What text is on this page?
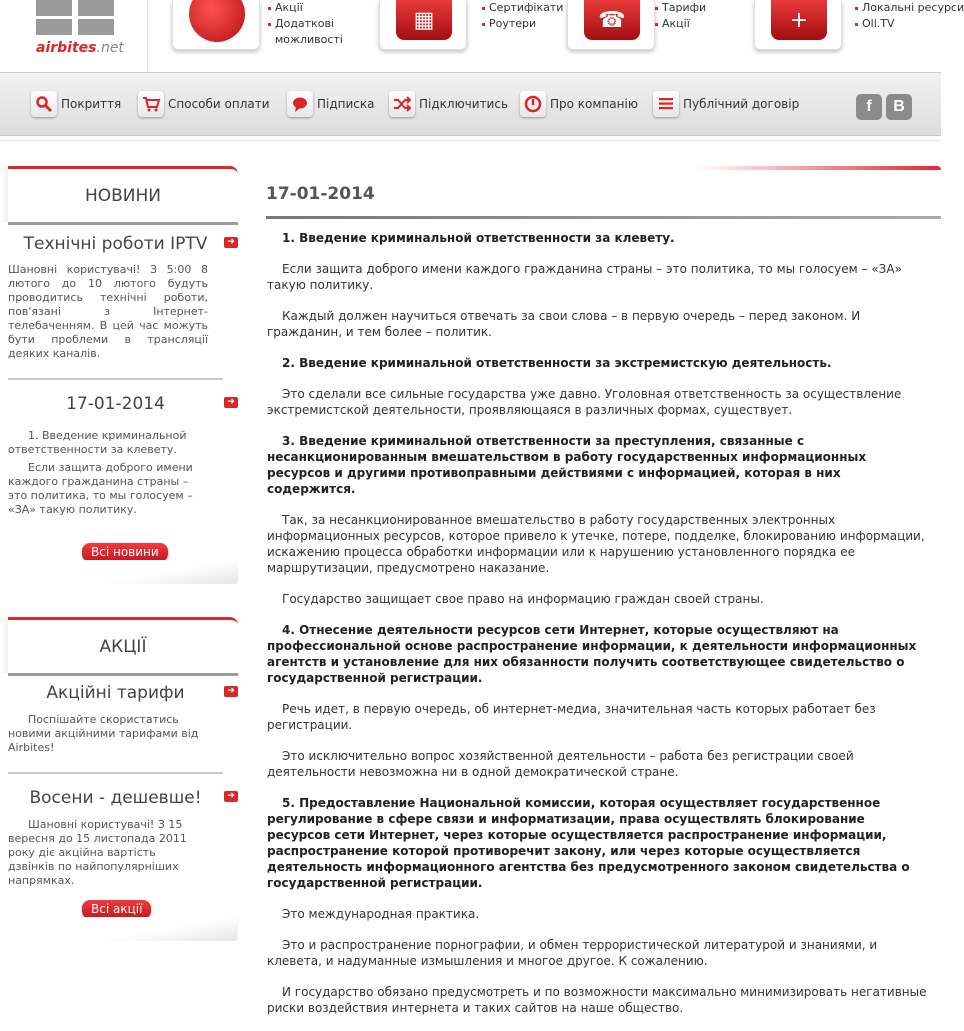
airbites.net
Акції
Додаткові
можливості
▦
Сертифікати
Роутери	☎
Тарифи
Акції	+
Локальні ресурси
Oll.TV
Покриття	Способи оплати	Підписка	Підключитись	Про компанію	Публічний договір	f	B
НОВИНИ
Технічні роботи IPTV	➜
Шановні користувачі! З 5:00 8 лютого до 10 лютого будуть проводитись технічні роботи, пов'язані з Інтернет-телебаченням. В цей час можуть бути проблеми в трансляції деяких каналів.
17-01-2014	➜
1. Введение криминальной ответственности за клевету.
Если защита доброго имени каждого гражданина страны – это политика, то мы голосуем – «ЗА» такую политику.
Всі новини
АКЦІЇ
Акційні тарифи	➜
Поспішайте скористатись новими акційними тарифами від Airbites!
Восени - дешевше!	➜
Шановні користувачі! З 15 вересня до 15 листопада 2011 року діє акційна вартість дзвінків по найпопулярніших напрямках.
Всі акції
17-01-2014

1. Введение криминальной ответственности за клевету.

Если защита доброго имени каждого гражданина страны – это политика, то мы голосуем – «ЗА» такую политику.

Каждый должен научиться отвечать за свои слова – в первую очередь – перед законом. И гражданин, и тем более – политик.

2. Введение криминальной ответственности за экстремистскую деятельность.

Это сделали все сильные государства уже давно. Уголовная ответственность за осуществление экстремистской деятельности, проявляющаяся в различных формах, существует.

3. Введение криминальной ответственности за преступления, связанные с несанкционированным вмешательством в работу государственных информационных ресурсов и другими противоправными действиями с информацией, которая в них содержится.

Так, за несанкционированное вмешательство в работу государственных электронных информационных ресурсов, которое привело к утечке, потере, подделке, блокированию информации, искажению процесса обработки информации или к нарушению установленного порядка ее маршрутизации, предусмотрено наказание.

Государство защищает свое право на информацию граждан своей страны.

4. Отнесение деятельности ресурсов сети Интернет, которые осуществляют на профессиональной основе распространение информации, к деятельности информационных агентств и установление для них обязанности получить соответствующее свидетельство о государственной регистрации.

Речь идет, в первую очередь, об интернет-медиа, значительная часть которых работает без регистрации.

Это исключительно вопрос хозяйственной деятельности – работа без регистрации своей деятельности невозможна ни в одной демократической стране.

5. Предоставление Национальной комиссии, которая осуществляет государственное регулирование в сфере связи и информатизации, права осуществлять блокирование ресурсов сети Интернет, через которые осуществляется распространение информации, распространение которой противоречит закону, или через которые осуществляется деятельность информационного агентства без предусмотренного законом свидетельства о государственной регистрации.

Это международная практика.

Это и распространение порнографии, и обмен террористической литературой и знаниями, и клевета, и надуманные измышления и многое другое. К сожалению.

И государство обязано предусмотреть и по возможности максимально минимизировать негативные риски воздействия интернета и таких сайтов на наше общество.
